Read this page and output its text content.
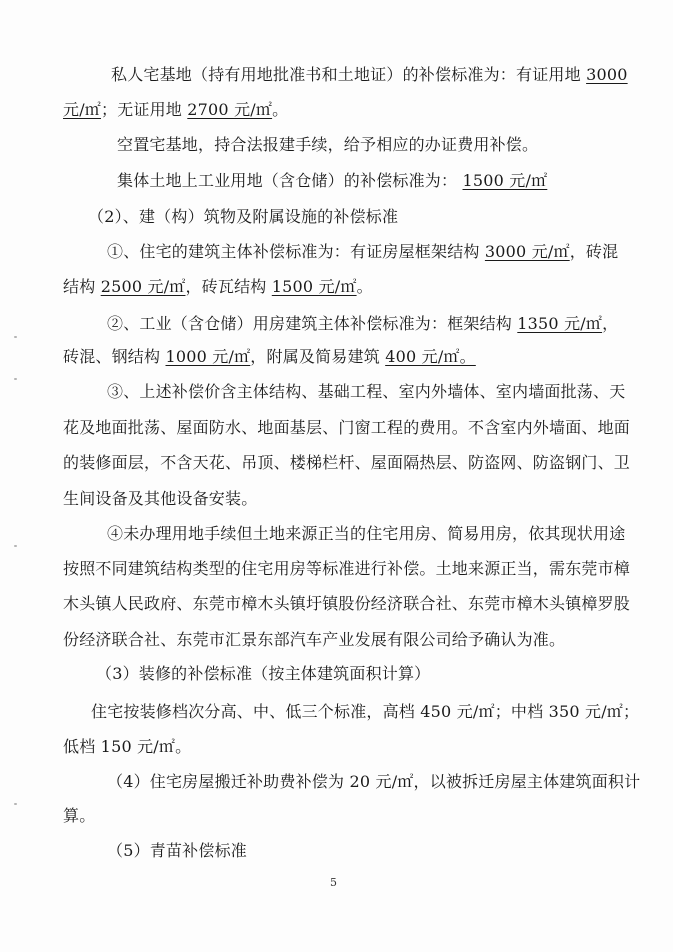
私人宅基地（持有用地批准书和土地证）的补偿标准为：有证用地 3000
元/㎡；无证用地 2700 元/㎡。
空置宅基地，持合法报建手续，给予相应的办证费用补偿。
集体土地上工业用地（含仓储）的补偿标准为： 1500 元/㎡
（2）、建（构）筑物及附属设施的补偿标准
①、住宅的建筑主体补偿标准为：有证房屋框架结构 3000 元/㎡，砖混
结构 2500 元/㎡，砖瓦结构 1500 元/㎡。
②、工业（含仓储）用房建筑主体补偿标准为：框架结构 1350 元/㎡，
砖混、钢结构 1000 元/㎡，附属及简易建筑 400 元/㎡。
③、上述补偿价含主体结构、基础工程、室内外墙体、室内墙面批荡、天
花及地面批荡、屋面防水、地面基层、门窗工程的费用。不含室内外墙面、地面
的装修面层，不含天花、吊顶、楼梯栏杆、屋面隔热层、防盗网、防盗钢门、卫
生间设备及其他设备安装。
④未办理用地手续但土地来源正当的住宅用房、简易用房，依其现状用途
按照不同建筑结构类型的住宅用房等标准进行补偿。土地来源正当，需东莞市樟
木头镇人民政府、东莞市樟木头镇圩镇股份经济联合社、东莞市樟木头镇樟罗股
份经济联合社、东莞市汇景东部汽车产业发展有限公司给予确认为准。
（3）装修的补偿标准（按主体建筑面积计算）
住宅按装修档次分高、中、低三个标准，高档 450 元/㎡；中档 350 元/㎡；
低档 150 元/㎡。
（4）住宅房屋搬迁补助费补偿为 20 元/㎡，以被拆迁房屋主体建筑面积计
算。
（5）青苗补偿标准
5
